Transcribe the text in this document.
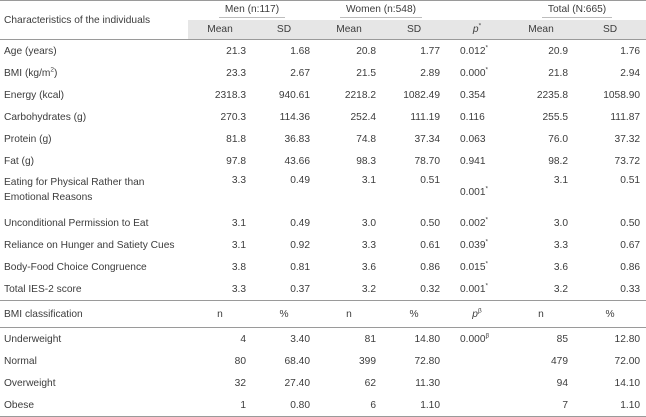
Characteristics of the individuals	Men (n:117)		Women (n:548)			Total (N:665)	
	Mean	SD	Mean	SD	p*	Mean	SD
Age (years)	21.3	1.68	20.8	1.77	0.012*	20.9	1.76
BMI $(kg/m^2)$	23.3	2.67	21.5	2.89	0.000*	21.8	2.94
Energy (kcal)	2318.3	940.61	2218.2	1082.49	0.354	2235.8	1058.90
Carbohydrates (g)	270.3	114.36	252.4	111.19	0.116	255.5	111.87
Protein (g)	81.8	36.83	74.8	37.34	0.063	76.0	37.32
Fat (g)	97.8	43.66	98.3	78.70	0.941	98.2	73.72
Eating for Physical Rather than Emotional Reasons	3.3	0.49	3.1	0.51	0.001*	3.1	0.51
Unconditional Permission to Eat	3.1	0.49	3.0	0.50	0.002*	3.0	0.50
Reliance on Hunger and Satiety Cues	3.1	0.92	3.3	0.61	0.039*	3.3	0.67
Body-Food Choice Congruence	3.8	0.81	3.6	0.86	0.015*	3.6	0.86
Total IES-2 score	3.3	0.37	3.2	0.32	0.001*	3.2	0.33
BMI classification	n	%	n	%	$p^\beta$	n	%
Underweight	4	3.40	81	14.80	$0.000^\beta$	85	12.80
Normal	80	68.40	399	72.80		479	72.00
Overweight	32	27.40	62	11.30		94	14.10
Obese	1	0.80	6	1.10		7	1.10
